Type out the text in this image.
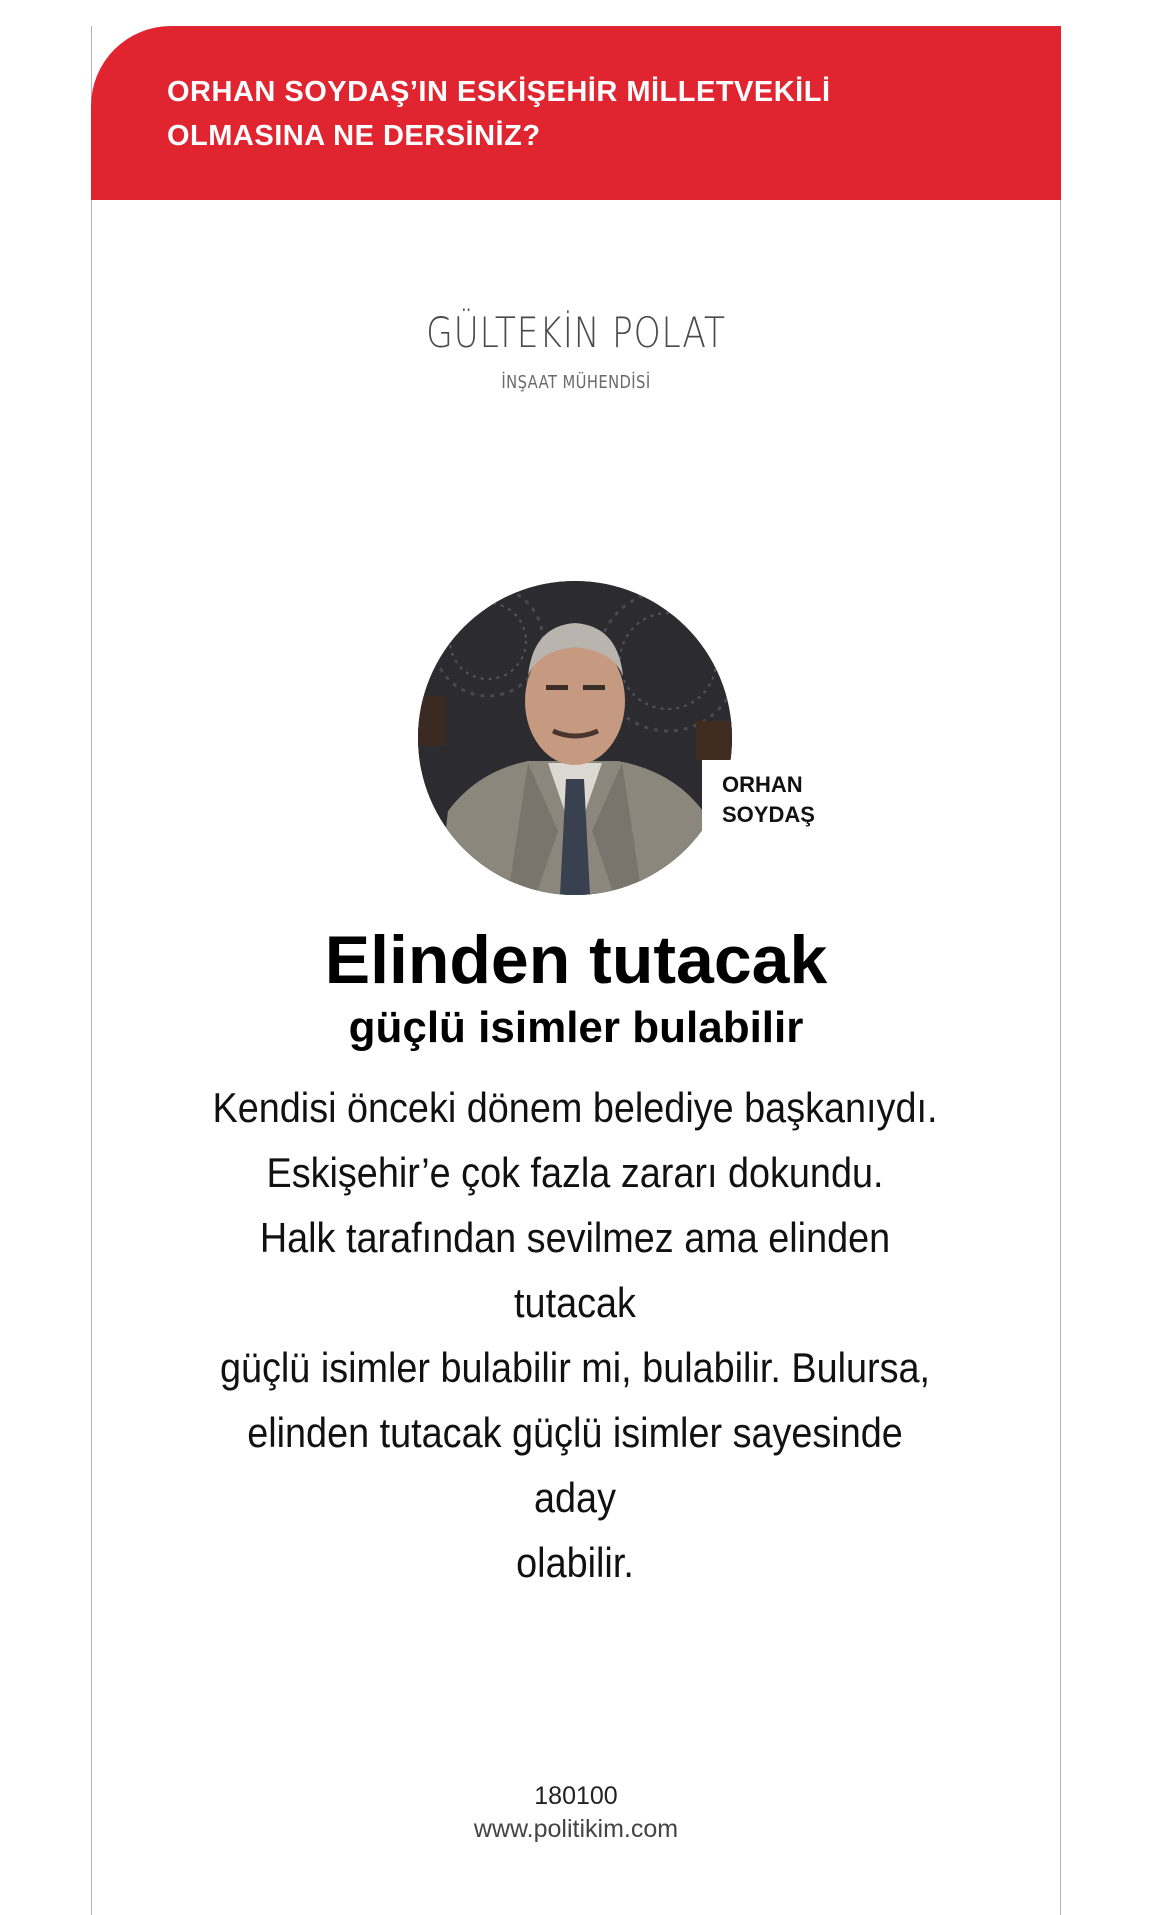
ORHAN SOYDAŞ’IN ESKİŞEHİR MİLLETVEKİLİ OLMASINA NE DERSİNİZ?
GÜLTEKİN POLAT
İNŞAAT MÜHENDİSİ
ORHAN
SOYDAŞ
Elinden tutacak
güçlü isimler bulabilir

Kendisi önceki dönem belediye başkanıydı.

Eskişehir’e çok fazla zararı dokundu.

Halk tarafından sevilmez ama elinden tutacak

güçlü isimler bulabilir mi, bulabilir. Bulursa,

elinden tutacak güçlü isimler sayesinde aday

olabilir.

180100
www.politikim.com
